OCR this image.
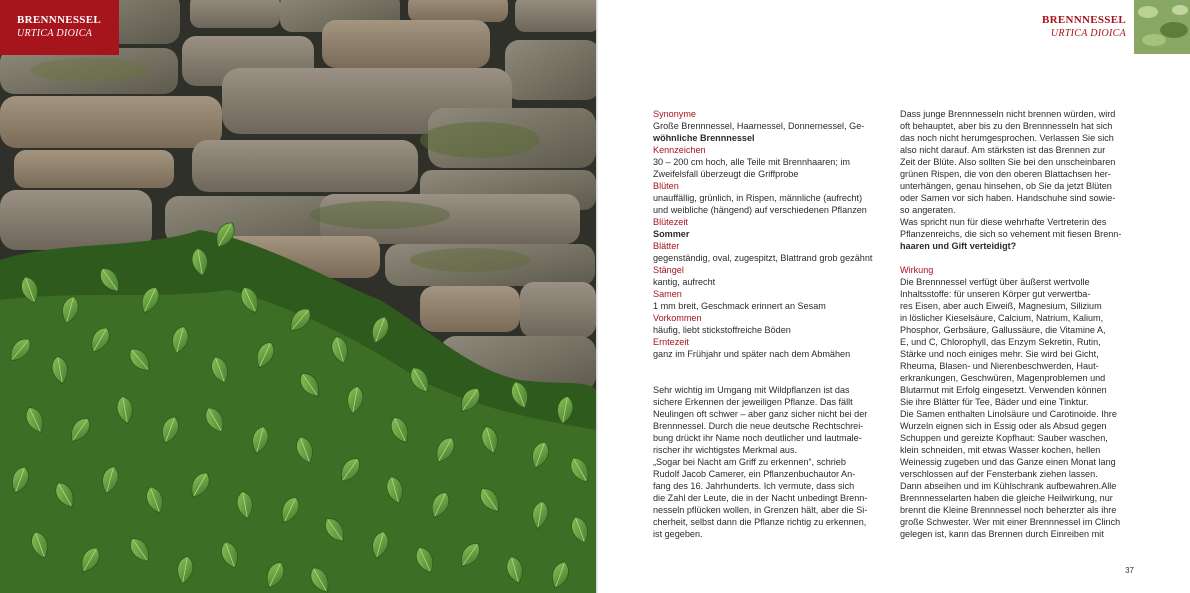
BRENNNESSEL
URTICA DIOICA
BRENNNESSEL
URTICA DIOICA
Synonyme
Große Brennnessel, Haarnessel, Donnernessel, Ge-
wöhnliche Brennnessel
Kennzeichen
30 – 200 cm hoch, alle Teile mit Brennhaaren; im
Zweifelsfall überzeugt die Griffprobe
Blüten
unauffällig, grünlich, in Rispen, männliche (aufrecht)
und weibliche (hängend) auf verschiedenen Pflanzen
Blütezeit
Sommer
Blätter
gegenständig, oval, zugespitzt, Blattrand grob gezähnt
Stängel
kantig, aufrecht
Samen
1 mm breit, Geschmack erinnert an Sesam
Vorkommen
häufig, liebt stickstoffreiche Böden
Erntezeit
ganz im Frühjahr und später nach dem Abmähen
Sehr wichtig im Umgang mit Wildpflanzen ist das
sichere Erkennen der jeweiligen Pflanze. Das fällt
Neulingen oft schwer – aber ganz sicher nicht bei der
Brennnessel. Durch die neue deutsche Rechtschrei-
bung drückt ihr Name noch deutlicher und lautmale-
rischer ihr wichtigstes Merkmal aus.
„Sogar bei Nacht am Griff zu erkennen“, schrieb
Rudolf Jacob Camerer, ein Pflanzenbuchautor An-
fang des 16. Jahrhunderts. Ich vermute, dass sich
die Zahl der Leute, die in der Nacht unbedingt Brenn-
nesseln pflücken wollen, in Grenzen hält, aber die Si-
cherheit, selbst dann die Pflanze richtig zu erkennen,
ist gegeben.
Dass junge Brennnesseln nicht brennen würden, wird
oft behauptet, aber bis zu den Brennnesseln hat sich
das noch nicht herumgesprochen. Verlassen Sie sich
also nicht darauf. Am stärksten ist das Brennen zur
Zeit der Blüte. Also sollten Sie bei den unscheinbaren
grünen Rispen, die von den oberen Blattachsen her-
unterhängen, genau hinsehen, ob Sie da jetzt Blüten
oder Samen vor sich haben. Handschuhe sind sowie-
so angeraten.
Was spricht nun für diese wehrhafte Vertreterin des
Pflanzenreichs, die sich so vehement mit fiesen Brenn-
haaren und Gift verteidigt?
Wirkung
Die Brennnessel verfügt über äußerst wertvolle
Inhaltsstoffe: für unseren Körper gut verwertba-
res Eisen, aber auch Eiweiß, Magnesium, Silizium
in löslicher Kieselsäure, Calcium, Natrium, Kalium,
Phosphor, Gerbsäure, Gallussäure, die Vitamine A,
E, und C, Chlorophyll, das Enzym Sekretin, Rutin,
Stärke und noch einiges mehr. Sie wird bei Gicht,
Rheuma, Blasen- und Nierenbeschwerden, Haut-
erkrankungen, Geschwüren, Magenproblemen und
Blutarmut mit Erfolg eingesetzt. Verwenden können
Sie ihre Blätter für Tee, Bäder und eine Tinktur.
Die Samen enthalten Linolsäure und Carotinoide. Ihre
Wurzeln eignen sich in Essig oder als Absud gegen
Schuppen und gereizte Kopfhaut: Sauber waschen,
klein schneiden, mit etwas Wasser kochen, hellen
Weinessig zugeben und das Ganze einen Monat lang
verschlossen auf der Fensterbank ziehen lassen.
Dann abseihen und im Kühlschrank aufbewahren.Alle
Brennnesselarten haben die gleiche Heilwirkung, nur
brennt die Kleine Brennnessel noch beherzter als ihre
große Schwester. Wer mit einer Brennnessel im Clinch
gelegen ist, kann das Brennen durch Einreiben mit
37
